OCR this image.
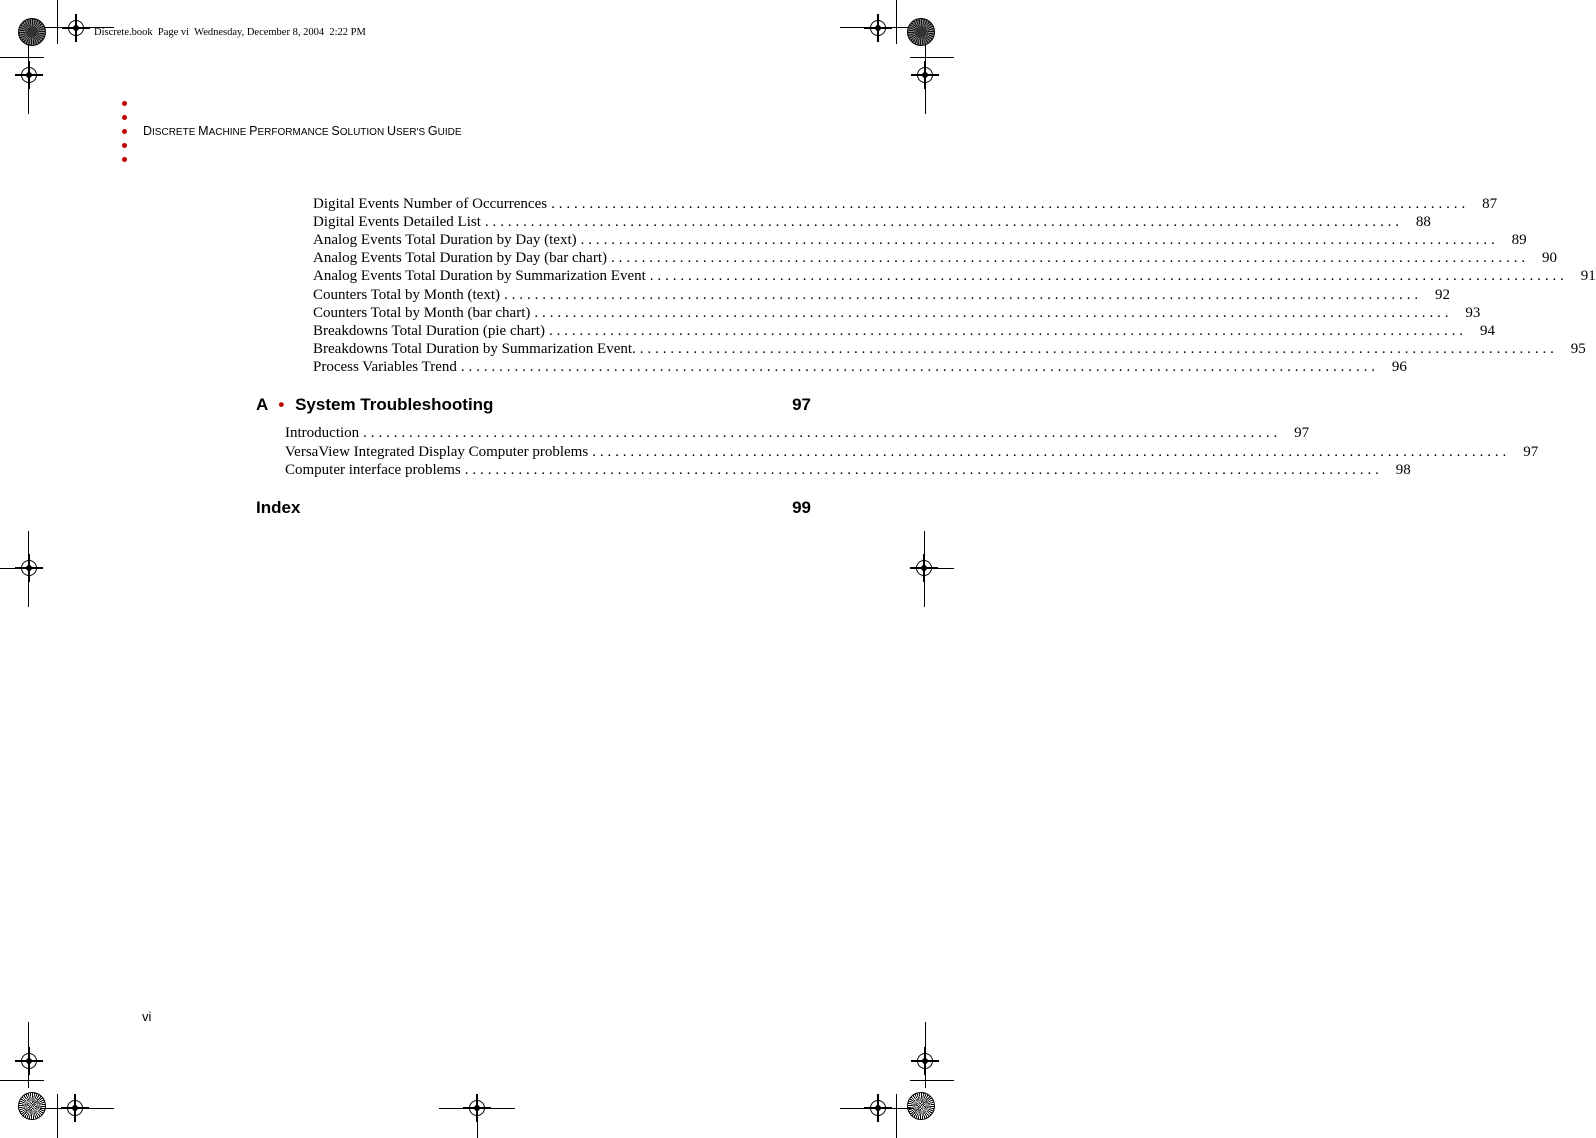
Discrete.book  Page vi  Wednesday, December 8, 2004  2:22 PM
DISCRETE MACHINE PERFORMANCE SOLUTION USER'S GUIDE
Digital Events Number of Occurrences ........................................................................................................................ 87
Digital Events Detailed List ........................................................................................................................ 88
Analog Events Total Duration by Day (text) ........................................................................................................................ 89
Analog Events Total Duration by Day (bar chart) ........................................................................................................................ 90
Analog Events Total Duration by Summarization Event ........................................................................................................................ 91
Counters Total by Month (text) ........................................................................................................................ 92
Counters Total by Month (bar chart) ........................................................................................................................ 93
Breakdowns Total Duration (pie chart) ........................................................................................................................ 94
Breakdowns Total Duration by Summarization Event. ........................................................................................................................ 95
Process Variables Trend ........................................................................................................................ 96
A • System Troubleshooting	97
Introduction ........................................................................................................................ 97
VersaView Integrated Display Computer problems ........................................................................................................................ 97
Computer interface problems ........................................................................................................................ 98
Index	99
vi
